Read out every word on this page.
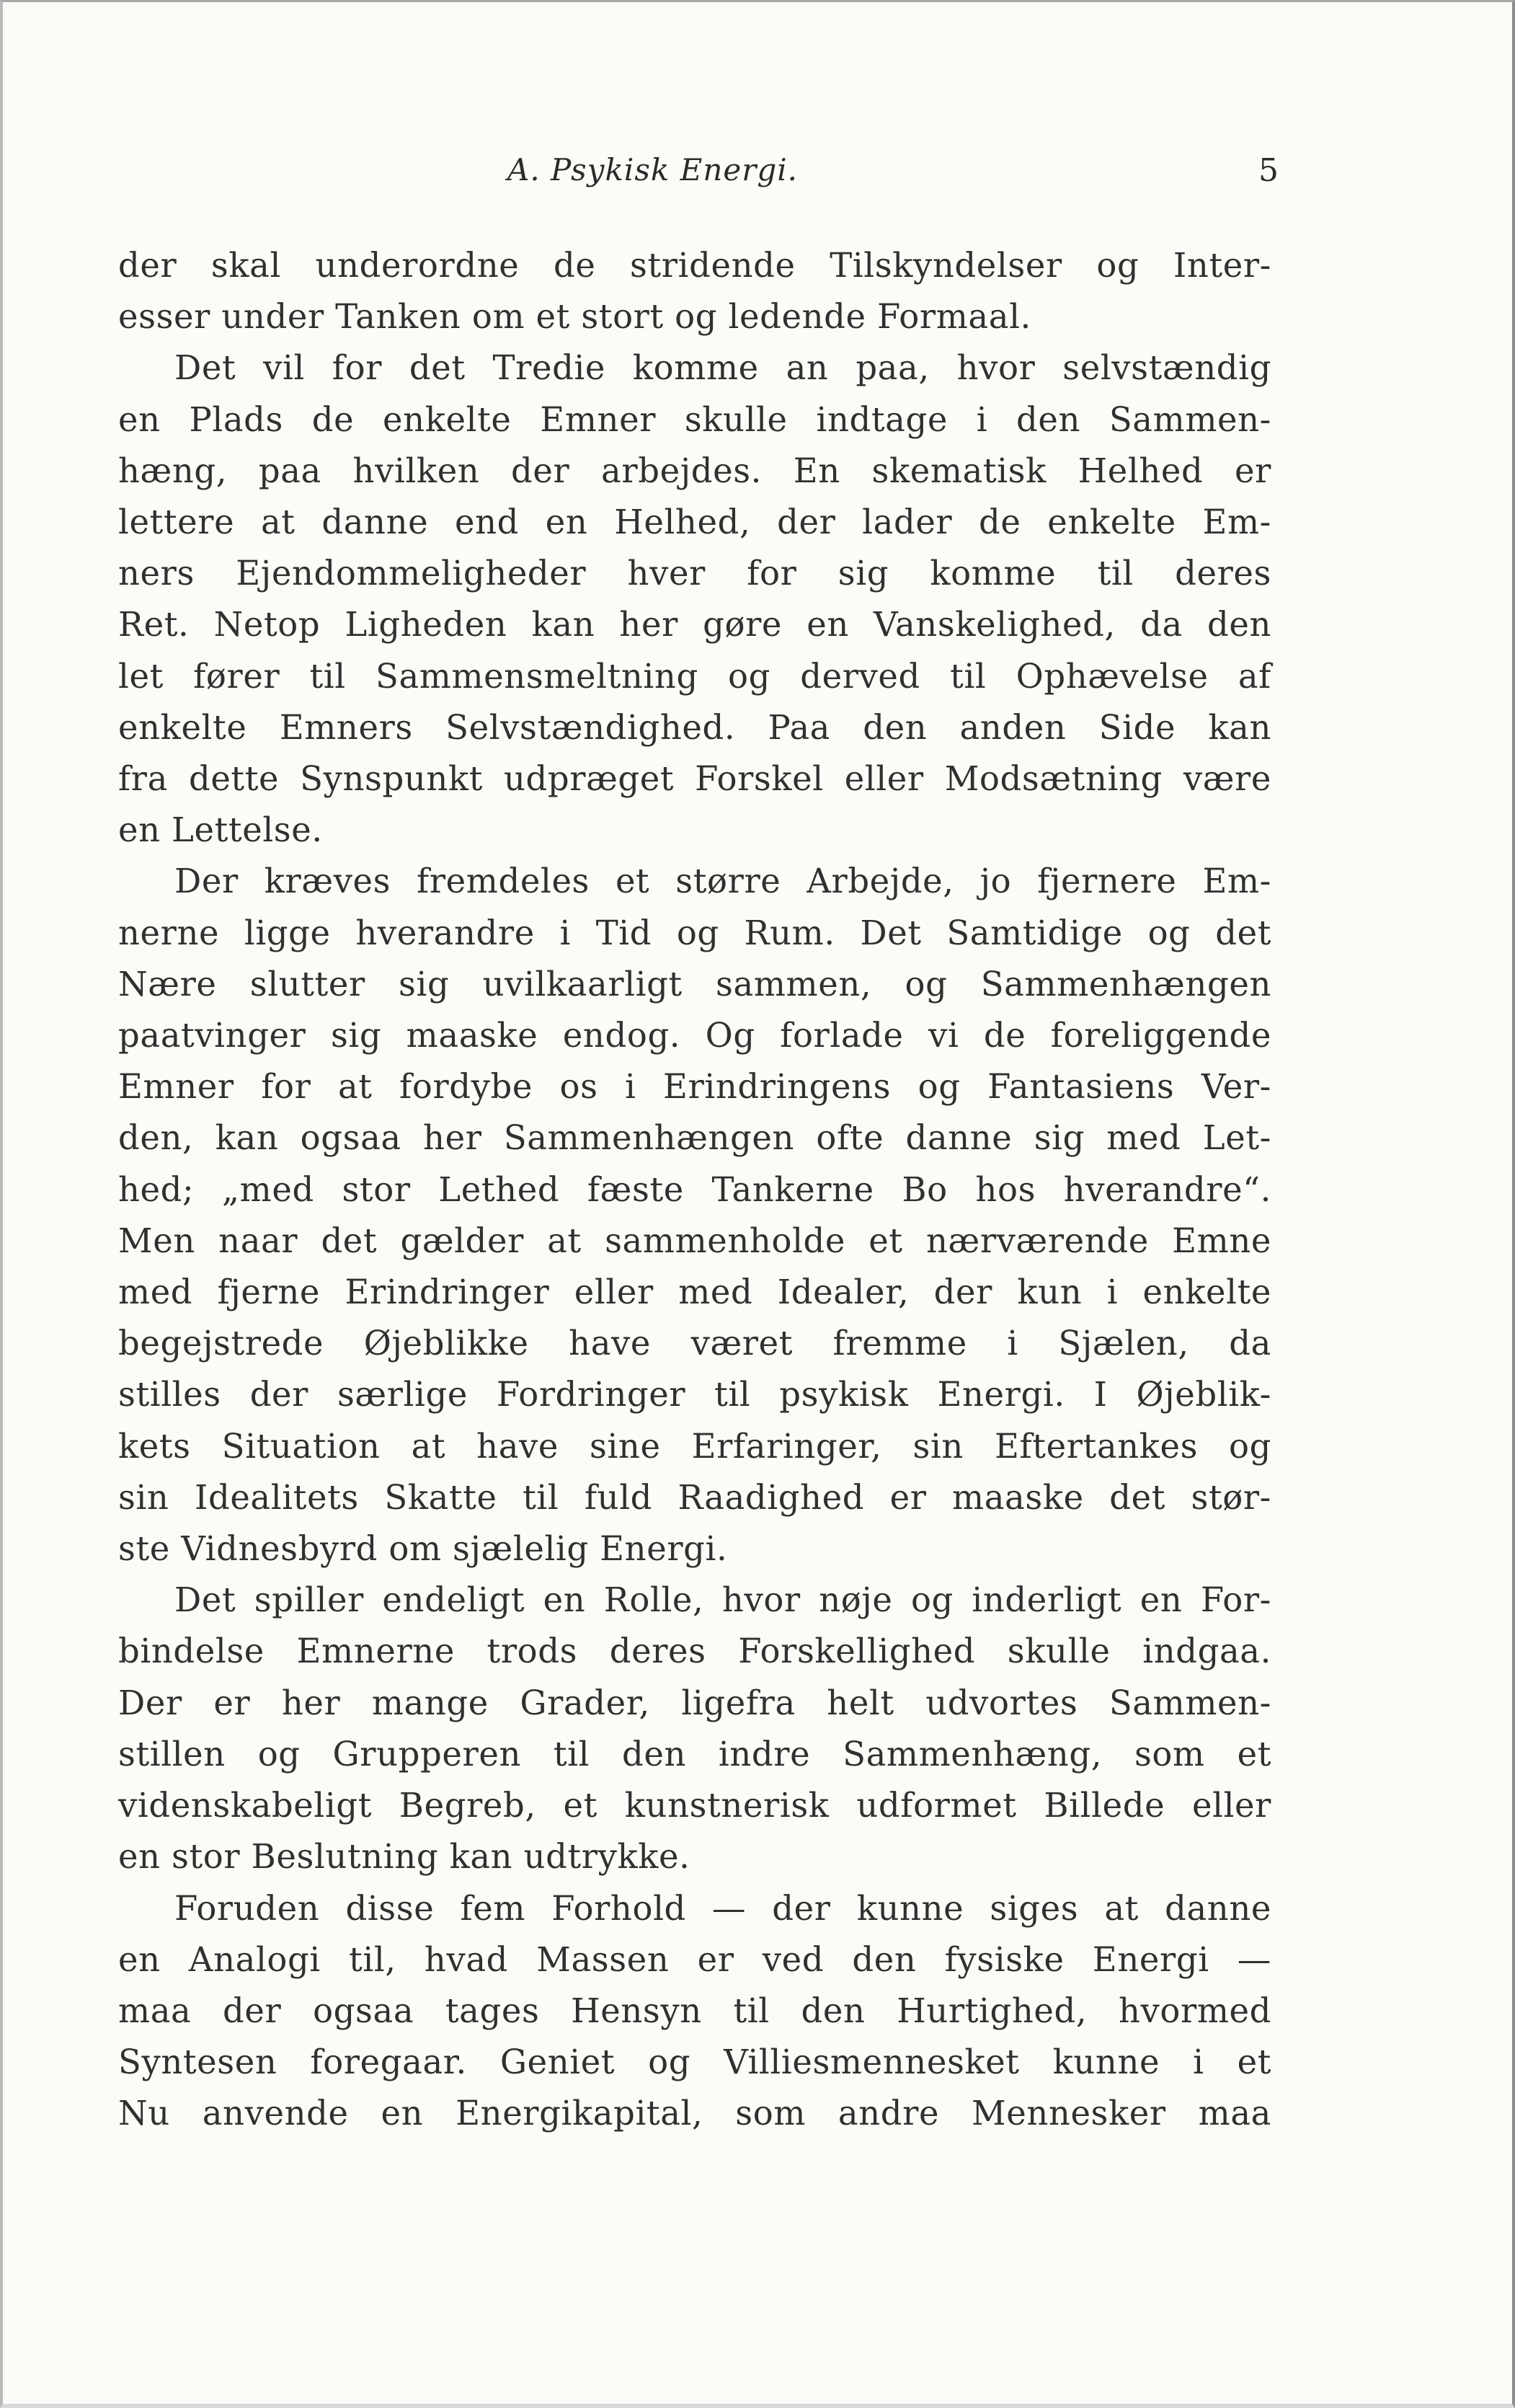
A. Psykisk Energi.	5
der skal underordne de stridende Tilskyndelser og Inter-
esser under Tanken om et stort og ledende Formaal.
Det vil for det Tredie komme an paa, hvor selvstændig
en Plads de enkelte Emner skulle indtage i den Sammen-
hæng, paa hvilken der arbejdes. En skematisk Helhed er
lettere at danne end en Helhed, der lader de enkelte Em-
ners Ejendommeligheder hver for sig komme til deres
Ret. Netop Ligheden kan her gøre en Vanskelighed, da den
let fører til Sammensmeltning og derved til Ophævelse af
enkelte Emners Selvstændighed. Paa den anden Side kan
fra dette Synspunkt udpræget Forskel eller Modsætning være
en Lettelse.
Der kræves fremdeles et større Arbejde, jo fjernere Em-
nerne ligge hverandre i Tid og Rum. Det Samtidige og det
Nære slutter sig uvilkaarligt sammen, og Sammenhængen
paatvinger sig maaske endog. Og forlade vi de foreliggende
Emner for at fordybe os i Erindringens og Fantasiens Ver-
den, kan ogsaa her Sammenhængen ofte danne sig med Let-
hed; „med stor Lethed fæste Tankerne Bo hos hverandre“.
Men naar det gælder at sammenholde et nærværende Emne
med fjerne Erindringer eller med Idealer, der kun i enkelte
begejstrede Øjeblikke have været fremme i Sjælen, da
stilles der særlige Fordringer til psykisk Energi. I Øjeblik-
kets Situation at have sine Erfaringer, sin Eftertankes og
sin Idealitets Skatte til fuld Raadighed er maaske det stør-
ste Vidnesbyrd om sjælelig Energi.
Det spiller endeligt en Rolle, hvor nøje og inderligt en For-
bindelse Emnerne trods deres Forskellighed skulle indgaa.
Der er her mange Grader, ligefra helt udvortes Sammen-
stillen og Grupperen til den indre Sammenhæng, som et
videnskabeligt Begreb, et kunstnerisk udformet Billede eller
en stor Beslutning kan udtrykke.
Foruden disse fem Forhold — der kunne siges at danne
en Analogi til, hvad Massen er ved den fysiske Energi —
maa der ogsaa tages Hensyn til den Hurtighed, hvormed
Syntesen foregaar. Geniet og Villiesmennesket kunne i et
Nu anvende en Energikapital, som andre Mennesker maa
